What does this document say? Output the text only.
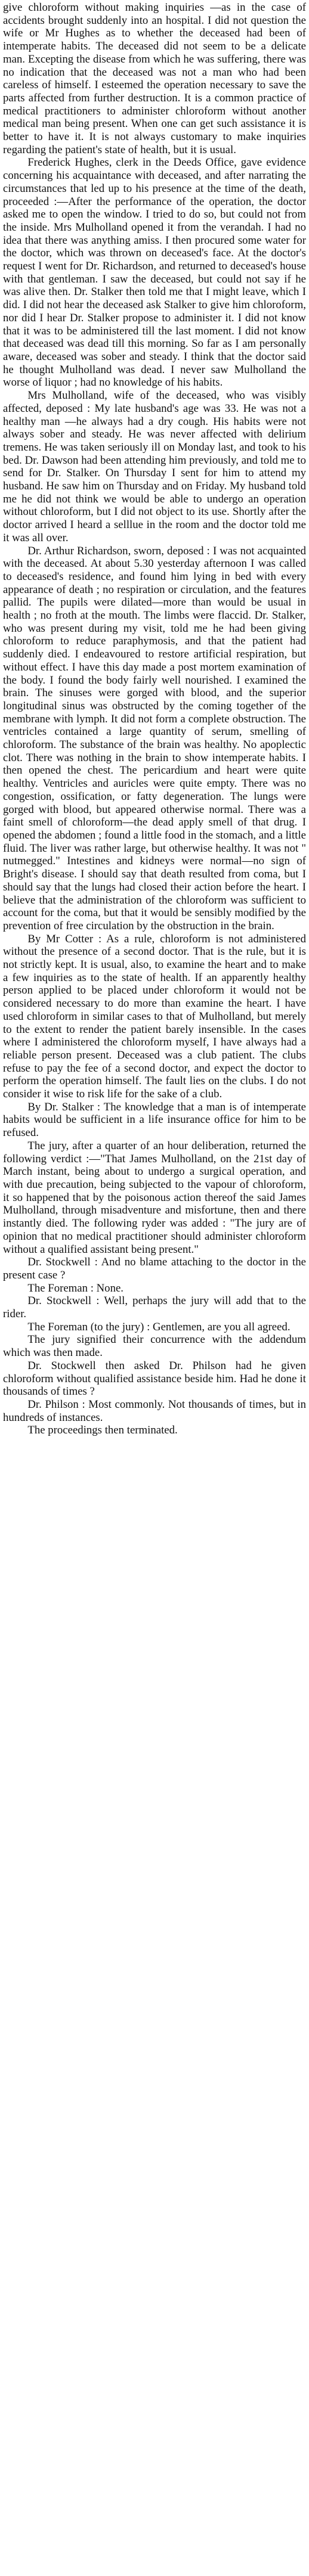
give chloroform without making inquiries —as in the case of accidents brought suddenly into an hospital. I did not question the wife or Mr Hughes as to whether the deceased had been of intemperate habits. The deceased did not seem to be a delicate man. Excepting the disease from which he was suffering, there was no indication that the deceased was not a man who had been careless of himself. I esteemed the operation necessary to save the parts affected from further destruction. It is a common practice of medical practitioners to administer chloroform without another medical man being present. When one can get such assistance it is better to have it. It is not always customary to make inquiries regarding the patient's state of health, but it is usual.

Frederick Hughes, clerk in the Deeds Office, gave evidence concerning his acquaintance with deceased, and after narrating the circumstances that led up to his presence at the time of the death, proceeded :—After the performance of the operation, the doctor asked me to open the window. I tried to do so, but could not from the inside. Mrs Mulholland opened it from the verandah. I had no idea that there was anything amiss. I then procured some water for the doctor, which was thrown on deceased's face. At the doctor's request I went for Dr. Richardson, and returned to deceased's house with that gentleman. I saw the deceased, but could not say if he was alive then. Dr. Stalker then told me that I might leave, which I did. I did not hear the deceased ask Stalker to give him chloroform, nor did I hear Dr. Stalker propose to administer it. I did not know that it was to be administered till the last moment. I did not know that deceased was dead till this morning. So far as I am personally aware, deceased was sober and steady. I think that the doctor said he thought Mulholland was dead. I never saw Mulholland the worse of liquor ; had no knowledge of his habits.

Mrs Mulholland, wife of the deceased, who was visibly affected, deposed : My late husband's age was 33. He was not a healthy man —he always had a dry cough. His habits were not always sober and steady. He was never affected with delirium tremens. He was taken seriously ill on Monday last, and took to his bed. Dr. Dawson had been attending him previously, and told me to send for Dr. Stalker. On Thursday I sent for him to attend my husband. He saw him on Thursday and on Friday. My husband told me he did not think we would be able to undergo an operation without chloroform, but I did not object to its use. Shortly after the doctor arrived I heard a selllue in the room and the doctor told me it was all over.

Dr. Arthur Richardson, sworn, deposed : I was not acquainted with the deceased. At about 5.30 yesterday afternoon I was called to deceased's residence, and found him lying in bed with every appearance of death ; no respiration or circulation, and the features pallid. The pupils were dilated—more than would be usual in health ; no froth at the mouth. The limbs were flaccid. Dr. Stalker, who was present during my visit, told me he had been giving chloroform to reduce paraphymosis, and that the patient had suddenly died. I endeavoured to restore artificial respiration, but without effect. I have this day made a post mortem examination of the body. I found the body fairly well nourished. I examined the brain. The sinuses were gorged with blood, and the superior longitudinal sinus was obstructed by the coming together of the membrane with lymph. It did not form a complete obstruction. The ventricles contained a large quantity of serum, smelling of chloroform. The substance of the brain was healthy. No apoplectic clot. There was nothing in the brain to show intemperate habits. I then opened the chest. The pericardium and heart were quite healthy. Ventricles and auricles were quite empty. There was no congestion, ossification, or fatty degeneration. The lungs were gorged with blood, but appeared otherwise normal. There was a faint smell of chloroform—the dead apply smell of that drug. I opened the abdomen ; found a little food in the stomach, and a little fluid. The liver was rather large, but otherwise healthy. It was not " nutmegged." Intestines and kidneys were normal—no sign of Bright's disease. I should say that death resulted from coma, but I should say that the lungs had closed their action before the heart. I believe that the administration of the chloroform was sufficient to account for the coma, but that it would be sensibly modified by the prevention of free circulation by the obstruction in the brain.

By Mr Cotter : As a rule, chloroform is not administered without the presence of a second doctor. That is the rule, but it is not strictly kept. It is usual, also, to examine the heart and to make a few inquiries as to the state of health. If an apparently healthy person applied to be placed under chloroform it would not be considered necessary to do more than examine the heart. I have used chloroform in similar cases to that of Mulholland, but merely to the extent to render the patient barely insensible. In the cases where I administered the chloroform myself, I have always had a reliable person present. Deceased was a club patient. The clubs refuse to pay the fee of a second doctor, and expect the doctor to perform the operation himself. The fault lies on the clubs. I do not consider it wise to risk life for the sake of a club.

By Dr. Stalker : The knowledge that a man is of intemperate habits would be sufficient in a life insurance office for him to be refused.

The jury, after a quarter of an hour deliberation, returned the following verdict :—"That James Mulholland, on the 21st day of March instant, being about to undergo a surgical operation, and with due precaution, being subjected to the vapour of chloroform, it so happened that by the poisonous action thereof the said James Mulholland, through misadventure and misfortune, then and there instantly died. The following ryder was added : "The jury are of opinion that no medical practitioner should administer chloroform without a qualified assistant being present."

Dr. Stockwell : And no blame attaching to the doctor in the present case ?

The Foreman : None.

Dr. Stockwell : Well, perhaps the jury will add that to the rider.

The Foreman (to the jury) : Gentlemen, are you all agreed.

The jury signified their concurrence with the addendum which was then made.

Dr. Stockwell then asked Dr. Philson had he given chloroform without qualified assistance beside him. Had he done it thousands of times ?

Dr. Philson : Most commonly. Not thousands of times, but in hundreds of instances.

The proceedings then terminated.
